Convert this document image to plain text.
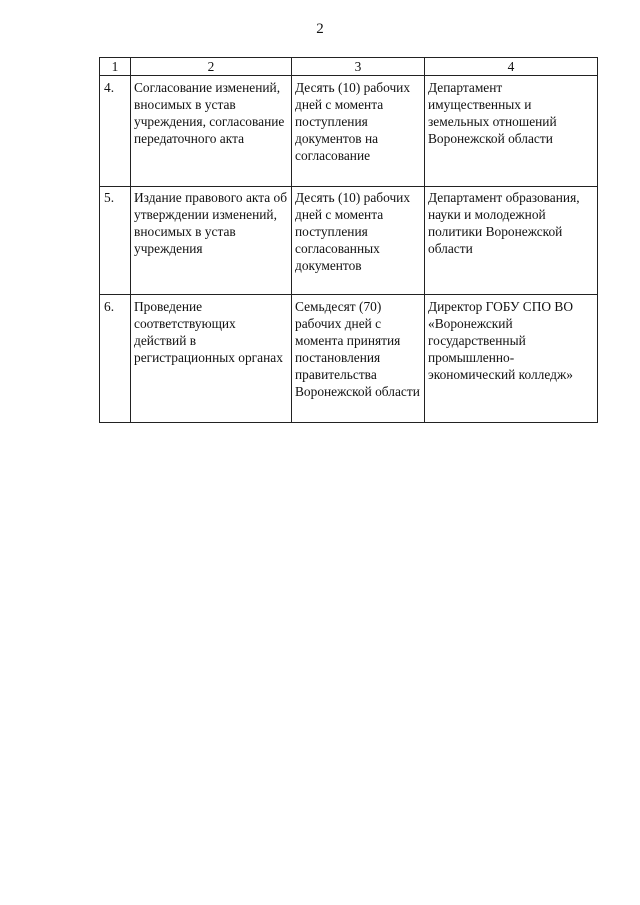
2
1	2	3	4
4.	Согласование изменений, вносимых в устав учреждения, согласование передаточного акта	Десять (10) рабочих дней с момента поступления документов на согласование	Департамент имущественных и земельных отношений Воронежской области
5.	Издание правового акта об утверждении изменений, вносимых в устав учреждения	Десять (10) рабочих дней с момента поступления согласованных документов	Департамент образования, науки и молодежной политики Воронежской области
6.	Проведение соответствующих действий в регистрационных органах	Семьдесят (70) рабочих дней с момента принятия постановления правительства Воронежской области	Директор ГОБУ СПО ВО «Воронежский государственный промышленно-экономический колледж»
